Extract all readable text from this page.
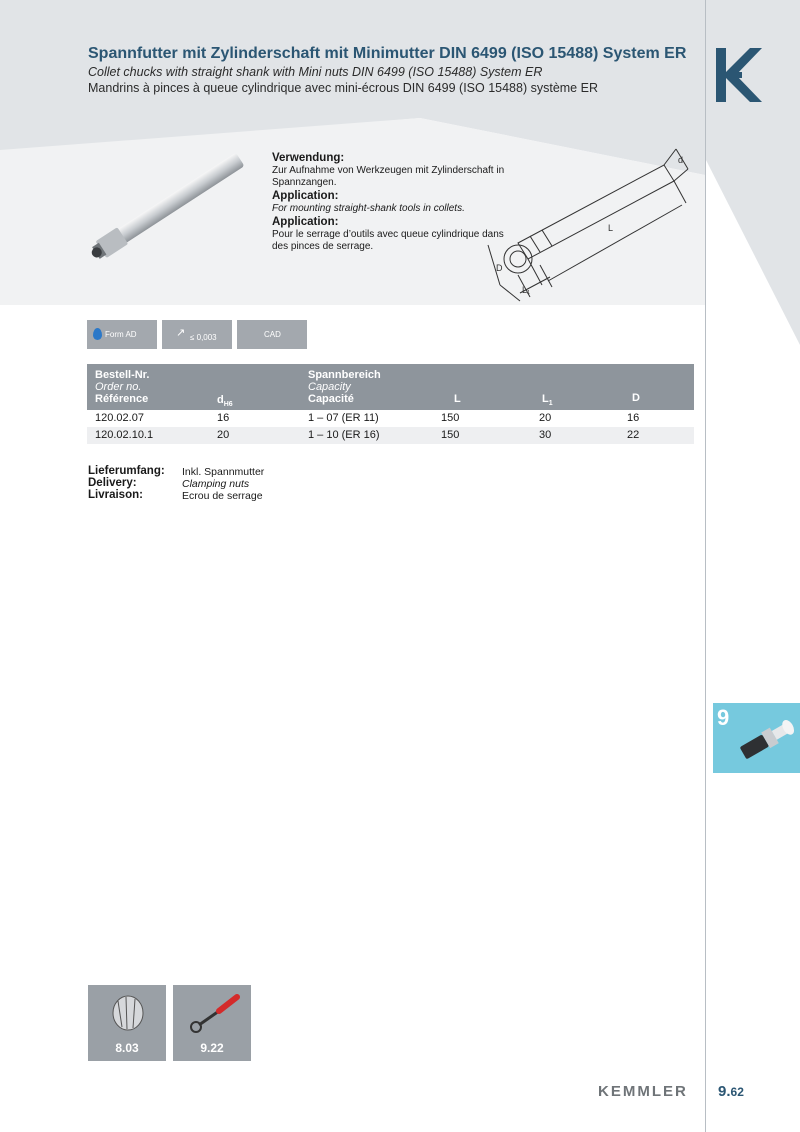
Spannfutter mit Zylinderschaft mit Minimutter DIN 6499 (ISO 15488) System ER
Collet chucks with straight shank with Mini nuts DIN 6499 (ISO 15488) System ER
Mandrins à pinces à queue cylindrique avec mini-écrous DIN 6499 (ISO 15488) système ER
Verwendung:
Zur Aufnahme von Werkzeugen mit Zylinderschaft in Spannzangen.
Application:
For mounting straight-shank tools in collets.
Application:
Pour le serrage d’outils avec queue cylindrique dans des pinces de serrage.
d
L
D
L₁
Form AD	↗ ≤ 0,003	CAD
Bestell-Nr.
Order no.
Référence	$d_{H6}$
Spannbereich
Capacity
Capacité	L	$L_1$	D
120.02.07	16	1 – 07 (ER 11)	150	20	16
120.02.10.1	20	1 – 10 (ER 16)	150	30	22
Lieferumfang: Inkl. Spannmutter
Delivery:	Clamping nuts
Livraison:	Ecrou de serrage
9
8.03	9.22
KEMMLER 9.62
